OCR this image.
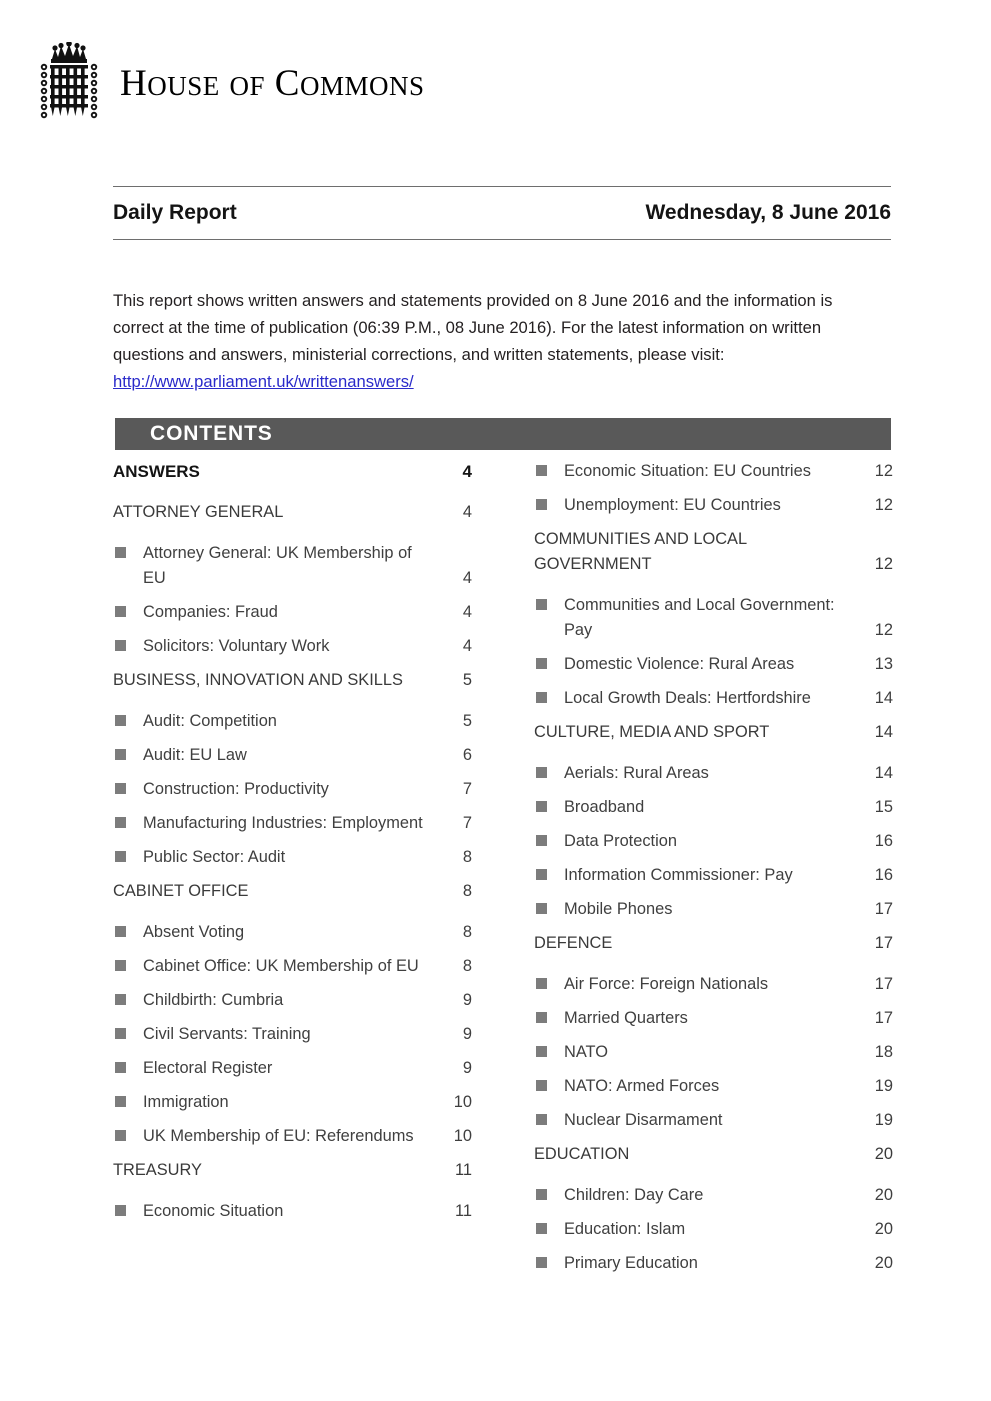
HOUSE OF COMMONS
Daily Report	Wednesday, 8 June 2016
This report shows written answers and statements provided on 8 June 2016 and the information is correct at the time of publication (06:39 P.M., 08 June 2016). For the latest information on written questions and answers, ministerial corrections, and written statements, please visit: http://www.parliament.uk/writtenanswers/
CONTENTS
ANSWERS	4
ATTORNEY GENERAL	4
Attorney General: UK Membership of EU	4
Companies: Fraud	4
Solicitors: Voluntary Work	4
BUSINESS, INNOVATION AND SKILLS	5
Audit: Competition	5
Audit: EU Law	6
Construction: Productivity	7
Manufacturing Industries: Employment	7
Public Sector: Audit	8
CABINET OFFICE	8
Absent Voting	8
Cabinet Office: UK Membership of EU	8
Childbirth: Cumbria	9
Civil Servants: Training	9
Electoral Register	9
Immigration	10
UK Membership of EU: Referendums	10
TREASURY	11
Economic Situation	11
Economic Situation: EU Countries	12
Unemployment: EU Countries	12
COMMUNITIES AND LOCAL GOVERNMENT	12
Communities and Local Government: Pay	12
Domestic Violence: Rural Areas	13
Local Growth Deals: Hertfordshire	14
CULTURE, MEDIA AND SPORT	14
Aerials: Rural Areas	14
Broadband	15
Data Protection	16
Information Commissioner: Pay	16
Mobile Phones	17
DEFENCE	17
Air Force: Foreign Nationals	17
Married Quarters	17
NATO	18
NATO: Armed Forces	19
Nuclear Disarmament	19
EDUCATION	20
Children: Day Care	20
Education: Islam	20
Primary Education	20
